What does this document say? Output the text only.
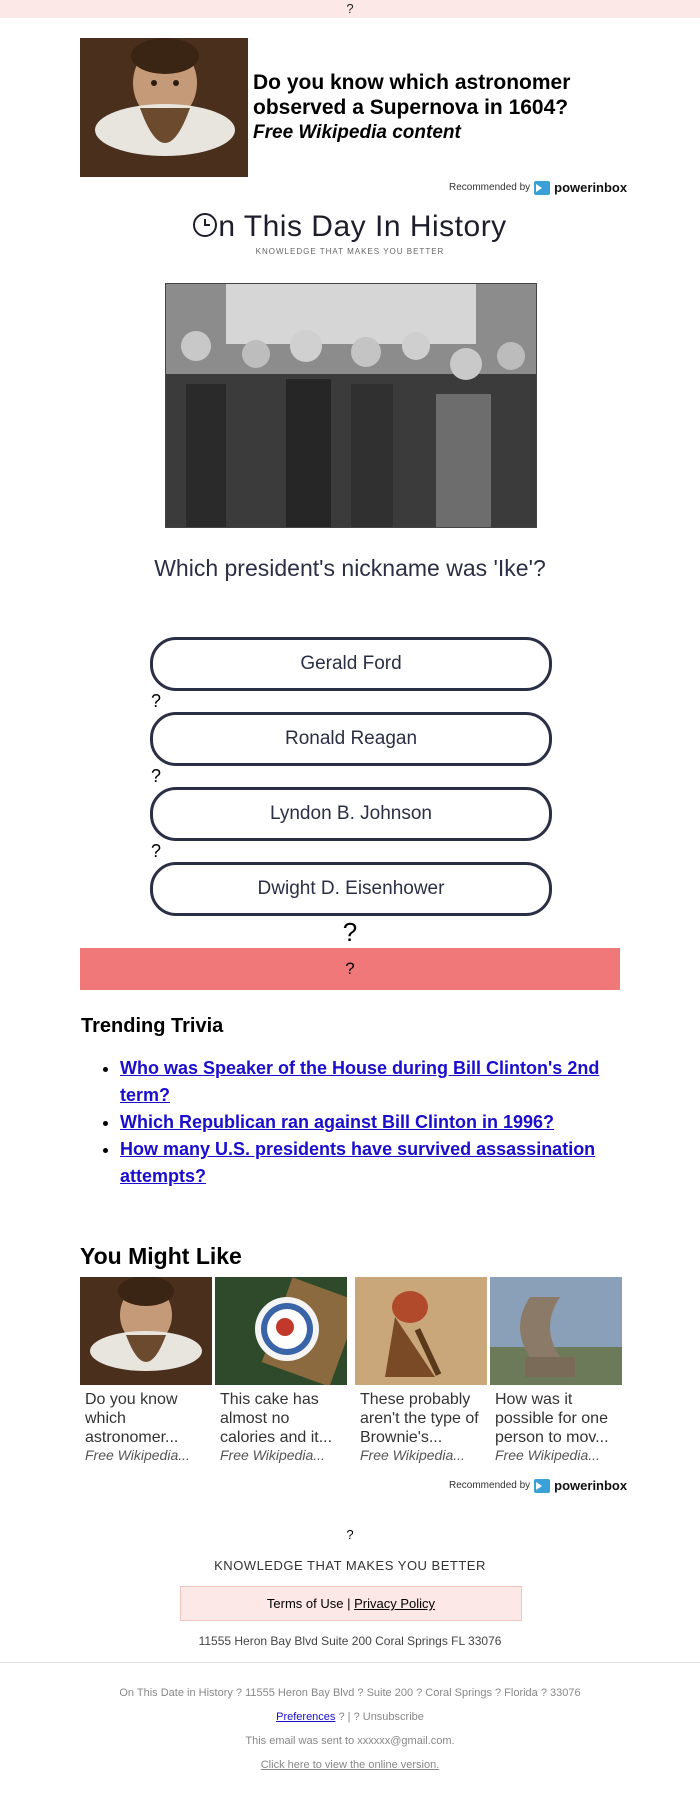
?
Do you know which astronomer observed a Supernova in 1604?
Free Wikipedia content
Recommended by powerinbox
n This Day In History
KNOWLEDGE THAT MAKES YOU BETTER
Which president's nickname was 'Ike'?
Gerald Ford
?
Ronald Reagan
?
Lyndon B. Johnson
?
Dwight D. Eisenhower
?
?
Trending Trivia
• Who was Speaker of the House during Bill Clinton's 2nd term?
• Which Republican ran against Bill Clinton in 1996?
• How many U.S. presidents have survived assassination attempts?
You Might Like
Do you know which astronomer...
Free Wikipedia...
This cake has almost no calories and it...
Free Wikipedia...
These probably aren't the type of Brownie's...
Free Wikipedia...
How was it possible for one person to mov...
Free Wikipedia...
Recommended by powerinbox
?
KNOWLEDGE THAT MAKES YOU BETTER
Terms of Use | Privacy Policy
11555 Heron Bay Blvd Suite 200 Coral Springs FL 33076
On This Date in History ? 11555 Heron Bay Blvd ? Suite 200 ? Coral Springs ? Florida ? 33076
Preferences ? | ? Unsubscribe
This email was sent to xxxxxx@gmail.com.
Click here to view the online version.
